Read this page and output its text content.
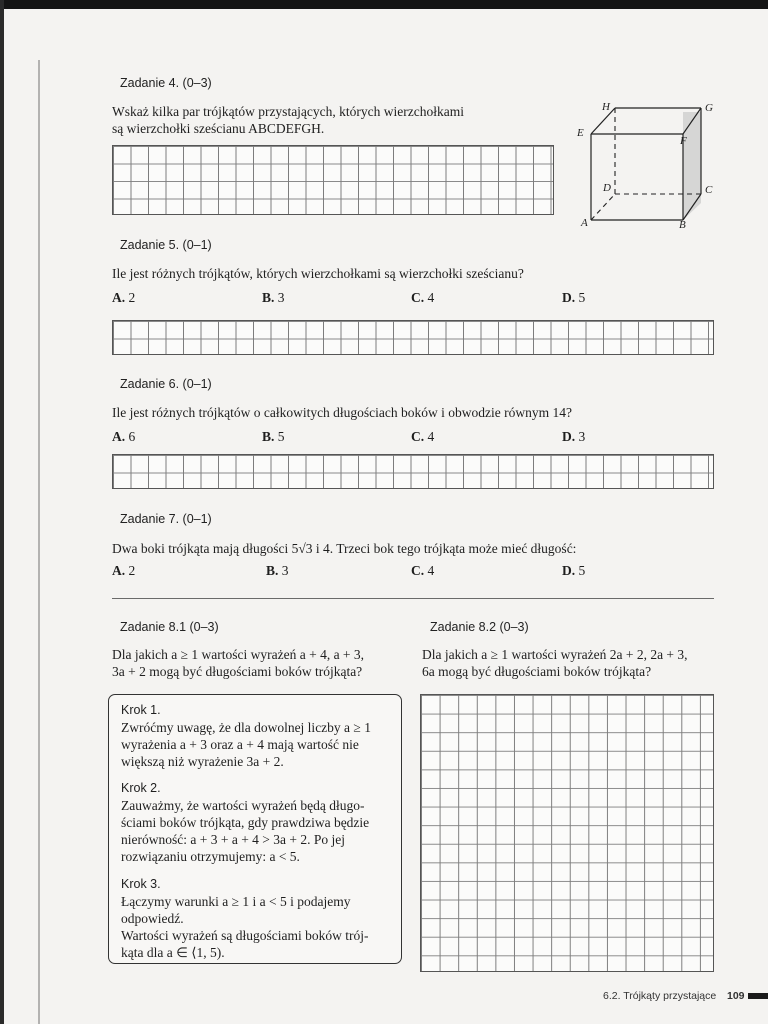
Zadanie 4. (0–3)
Wskaż kilka par trójkątów przystających, których wierzchołkami
są wierzchołki sześcianu ABCDEFGH.
H	G
E
F
D	C
A	B
Zadanie 5. (0–1)
Ile jest różnych trójkątów, których wierzchołkami są wierzchołki sześcianu?
A. 2	B. 3	C. 4	D. 5
Zadanie 6. (0–1)
Ile jest różnych trójkątów o całkowitych długościach boków i obwodzie równym 14?
A. 6	B. 5	C. 4	D. 3
Zadanie 7. (0–1)
Dwa boki trójkąta mają długości 5√3 i 4. Trzeci bok tego trójkąta może mieć długość:
A. 2	B. 3	C. 4	D. 5
Zadanie 8.1 (0–3)
Dla jakich a ≥ 1 wartości wyrażeń a + 4, a + 3,
3a + 2 mogą być długościami boków trójkąta?
Krok 1.
Zwróćmy uwagę, że dla dowolnej liczby a ≥ 1
wyrażenia a + 3 oraz a + 4 mają wartość nie
większą niż wyrażenie 3a + 2.
Krok 2.
Zauważmy, że wartości wyrażeń będą długo-
ściami boków trójkąta, gdy prawdziwa będzie
nierówność: a + 3 + a + 4 > 3a + 2. Po jej
rozwiązaniu otrzymujemy: a < 5.
Krok 3.
Łączymy warunki a ≥ 1 i a < 5 i podajemy
odpowiedź.
Wartości wyrażeń są długościami boków trój-
kąta dla a ∈ ⟨1, 5).
Zadanie 8.2 (0–3)
Dla jakich a ≥ 1 wartości wyrażeń 2a + 2, 2a + 3,
6a mogą być długościami boków trójkąta?
6.2. Trójkąty przystające 109
